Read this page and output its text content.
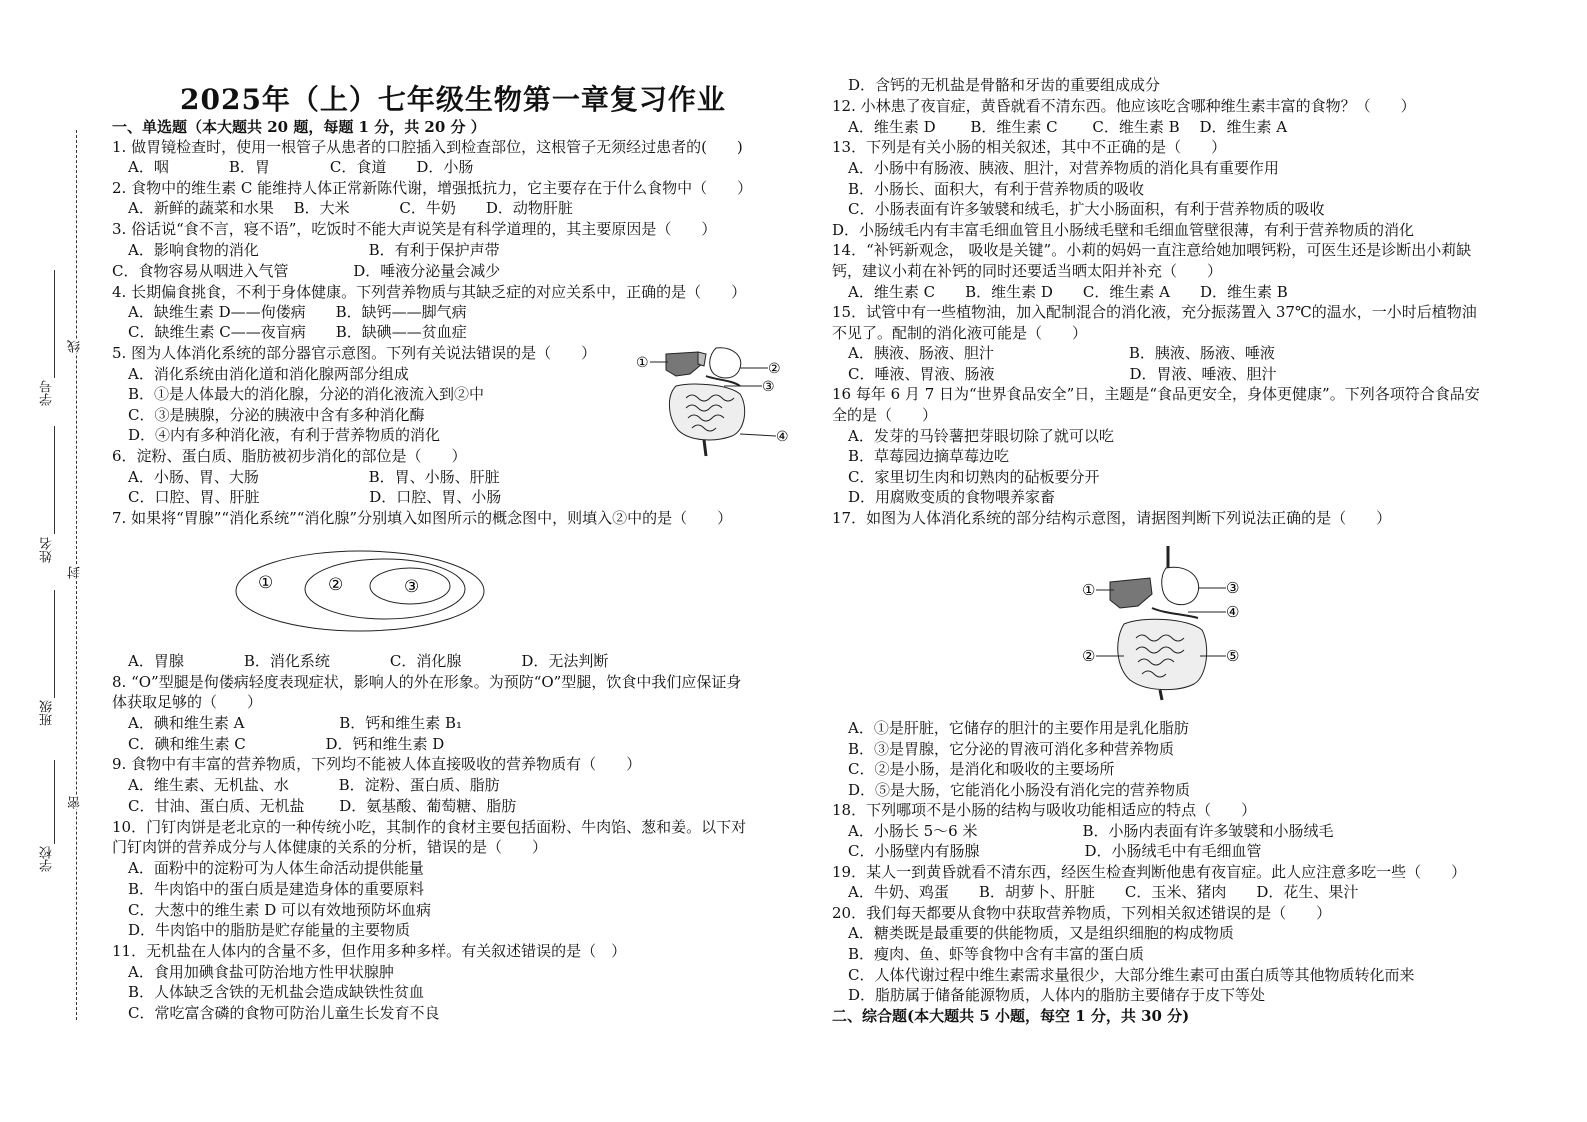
学号
姓名
班级
学校
线
封
密
2025年（上）七年级生物第一章复习作业
一、单选题（本大题共 20 题，每题 1 分，共 20 分 ）
1. 做胃镜检查时，使用一根管子从患者的口腔插入到检查部位，这根管子无须经过患者的(　　)
A．咽　　　　B．胃　　　　C．食道　　D．小肠
2. 食物中的维生素 C 能维持人体正常新陈代谢，增强抵抗力，它主要存在于什么食物中（　　）
A．新鲜的蔬菜和水果　 B．大米　　　 C．牛奶　　D．动物肝脏
3. 俗话说“食不言，寝不语”，吃饭时不能大声说笑是有科学道理的，其主要原因是（　　）
A．影响食物的消化　　　　　　　 B．有利于保护声带
C．食物容易从咽进入气管　　　　 D．唾液分泌量会减少
4. 长期偏食挑食，不利于身体健康。下列营养物质与其缺乏症的对应关系中，正确的是（　　）
A．缺维生素 D——佝偻病　　B．缺钙——脚气病
C．缺维生素 C——夜盲病　　B．缺碘——贫血症
5. 图为人体消化系统的部分器官示意图。下列有关说法错误的是（　　）
A．消化系统由消化道和消化腺两部分组成
B．①是人体最大的消化腺，分泌的消化液流入到②中
C．③是胰腺，分泌的胰液中含有多种消化酶
D．④内有多种消化液，有利于营养物质的消化
6．淀粉、蛋白质、脂肪被初步消化的部位是（　　）
A．小肠、胃、大肠　　　　　　　 B．胃、小肠、肝脏
C．口腔、胃、肝脏　　　　　　　 D．口腔、胃、小肠
7. 如果将“胃腺”“消化系统”“消化腺”分别填入如图所示的概念图中，则填入②中的是（　　）
A．胃腺　　　　B．消化系统　　　　C．消化腺　　　　D．无法判断
8. “O”型腿是佝偻病轻度表现症状，影响人的外在形象。为预防“O”型腿，饮食中我们应保证身
体获取足够的（　　）
A．碘和维生素 A　　　　　　 B．钙和维生素 B₁
C．碘和维生素 C　　　　　 D．钙和维生素 D
9. 食物中有丰富的营养物质，下列均不能被人体直接吸收的营养物质有（　　）
A．维生素、无机盐、水　　　 B．淀粉、蛋白质、脂肪
C．甘油、蛋白质、无机盐　　 D．氨基酸、葡萄糖、脂肪
10．门钉肉饼是老北京的一种传统小吃，其制作的食材主要包括面粉、牛肉馅、葱和姜。以下对
门钉肉饼的营养成分与人体健康的关系的分析，错误的是（　　）
A．面粉中的淀粉可为人体生命活动提供能量
B．牛肉馅中的蛋白质是建造身体的重要原料
C．大葱中的维生素 D 可以有效地预防坏血病
D．牛肉馅中的脂肪是贮存能量的主要物质
11．无机盐在人体内的含量不多，但作用多种多样。有关叙述错误的是（　）
A．食用加碘食盐可防治地方性甲状腺肿
B．人体缺乏含铁的无机盐会造成缺铁性贫血
C．常吃富含磷的食物可防治儿童生长发育不良
D．含钙的无机盐是骨骼和牙齿的重要组成成分
12. 小林患了夜盲症，黄昏就看不清东西。他应该吃含哪种维生素丰富的食物？（　　）
A．维生素 D　　 B．维生素 C　　 C．维生素 B　 D．维生素 A
13．下列是有关小肠的相关叙述，其中不正确的是（　　）
A．小肠中有肠液、胰液、胆汁，对营养物质的消化具有重要作用
B．小肠长、面积大，有利于营养物质的吸收
C．小肠表面有许多皱襞和绒毛，扩大小肠面积，有利于营养物质的吸收
D．小肠绒毛内有丰富毛细血管且小肠绒毛壁和毛细血管壁很薄，有利于营养物质的消化
14．“补钙新观念， 吸收是关键”。小莉的妈妈一直注意给她加喂钙粉，可医生还是诊断出小莉缺
钙，建议小莉在补钙的同时还要适当晒太阳并补充（　　）
A．维生素 C　　B．维生素 D　　C．维生素 A　　D．维生素 B
15．试管中有一些植物油，加入配制混合的消化液，充分振荡置入 37℃的温水，一小时后植物油
不见了。配制的消化液可能是（　　）
A．胰液、肠液、胆汁　　　　　　　　　B．胰液、肠液、唾液
C．唾液、胃液、肠液　　　　　　　　　D．胃液、唾液、胆汁
16 每年 6 月 7 日为“世界食品安全”日，主题是“食品更安全，身体更健康”。下列各项符合食品安
全的是（　　）
A．发芽的马铃薯把芽眼切除了就可以吃
B．草莓园边摘草莓边吃
C．家里切生肉和切熟肉的砧板要分开
D．用腐败变质的食物喂养家畜
17．如图为人体消化系统的部分结构示意图，请据图判断下列说法正确的是（　　）
A．①是肝脏，它储存的胆汁的主要作用是乳化脂肪
B．③是胃腺，它分泌的胃液可消化多种营养物质
C．②是小肠，是消化和吸收的主要场所
D．⑤是大肠，它能消化小肠没有消化完的营养物质
18．下列哪项不是小肠的结构与吸收功能相适应的特点（　　）
A．小肠长 5～6 米　　　　　　　B．小肠内表面有许多皱襞和小肠绒毛
C．小肠壁内有肠腺　　　　　　　D．小肠绒毛中有毛细血管
19．某人一到黄昏就看不清东西，经医生检查判断他患有夜盲症。此人应注意多吃一些（　　）
A．牛奶、鸡蛋　　B．胡萝卜、肝脏　　C．玉米、猪肉　　D．花生、果汁
20．我们每天都要从食物中获取营养物质，下列相关叙述错误的是（　　）
A．糖类既是最重要的供能物质，又是组织细胞的构成物质
B．瘦肉、鱼、虾等食物中含有丰富的蛋白质
C．人体代谢过程中维生素需求量很少，大部分维生素可由蛋白质等其他物质转化而来
D．脂肪属于储备能源物质，人体内的脂肪主要储存于皮下等处
二、综合题(本大题共 5 小题，每空 1 分，共 30 分)
①	②
③
④
①	②	③	①
②
③
④
⑤
